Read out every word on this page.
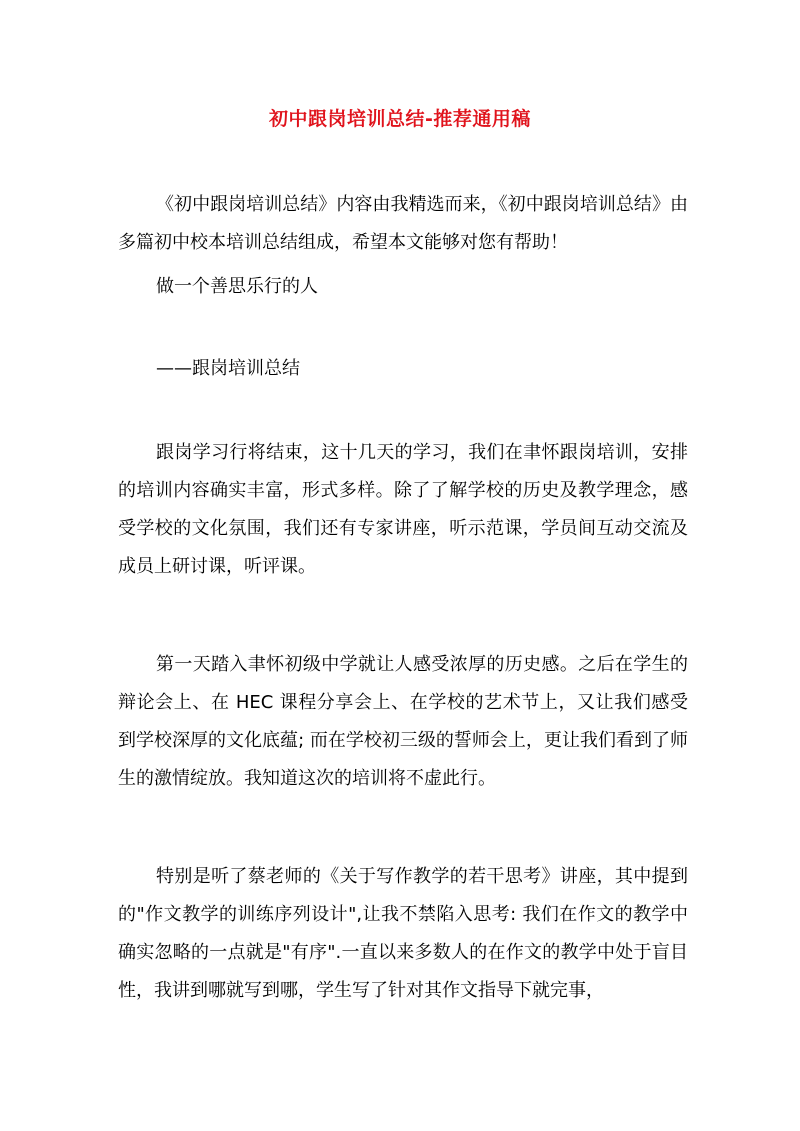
初中跟岗培训总结-推荐通用稿
《初中跟岗培训总结》内容由我精选而来，《初中跟岗培训总结》由多篇初中校本培训总结组成，希望本文能够对您有帮助！
做一个善思乐行的人
——跟岗培训总结
跟岗学习行将结束，这十几天的学习，我们在聿怀跟岗培训，安排的培训内容确实丰富，形式多样。除了了解学校的历史及教学理念，感受学校的文化氛围，我们还有专家讲座，听示范课，学员间互动交流及成员上研讨课，听评课。
第一天踏入聿怀初级中学就让人感受浓厚的历史感。之后在学生的辩论会上、在 HEC 课程分享会上、在学校的艺术节上，又让我们感受到学校深厚的文化底蕴; 而在学校初三级的誓师会上，更让我们看到了师生的激情绽放。我知道这次的培训将不虚此行。
特别是听了蔡老师的《关于写作教学的若干思考》讲座，其中提到的"作文教学的训练序列设计",让我不禁陷入思考: 我们在作文的教学中确实忽略的一点就是"有序".一直以来多数人的在作文的教学中处于盲目性，我讲到哪就写到哪，学生写了针对其作文指导下就完事，
